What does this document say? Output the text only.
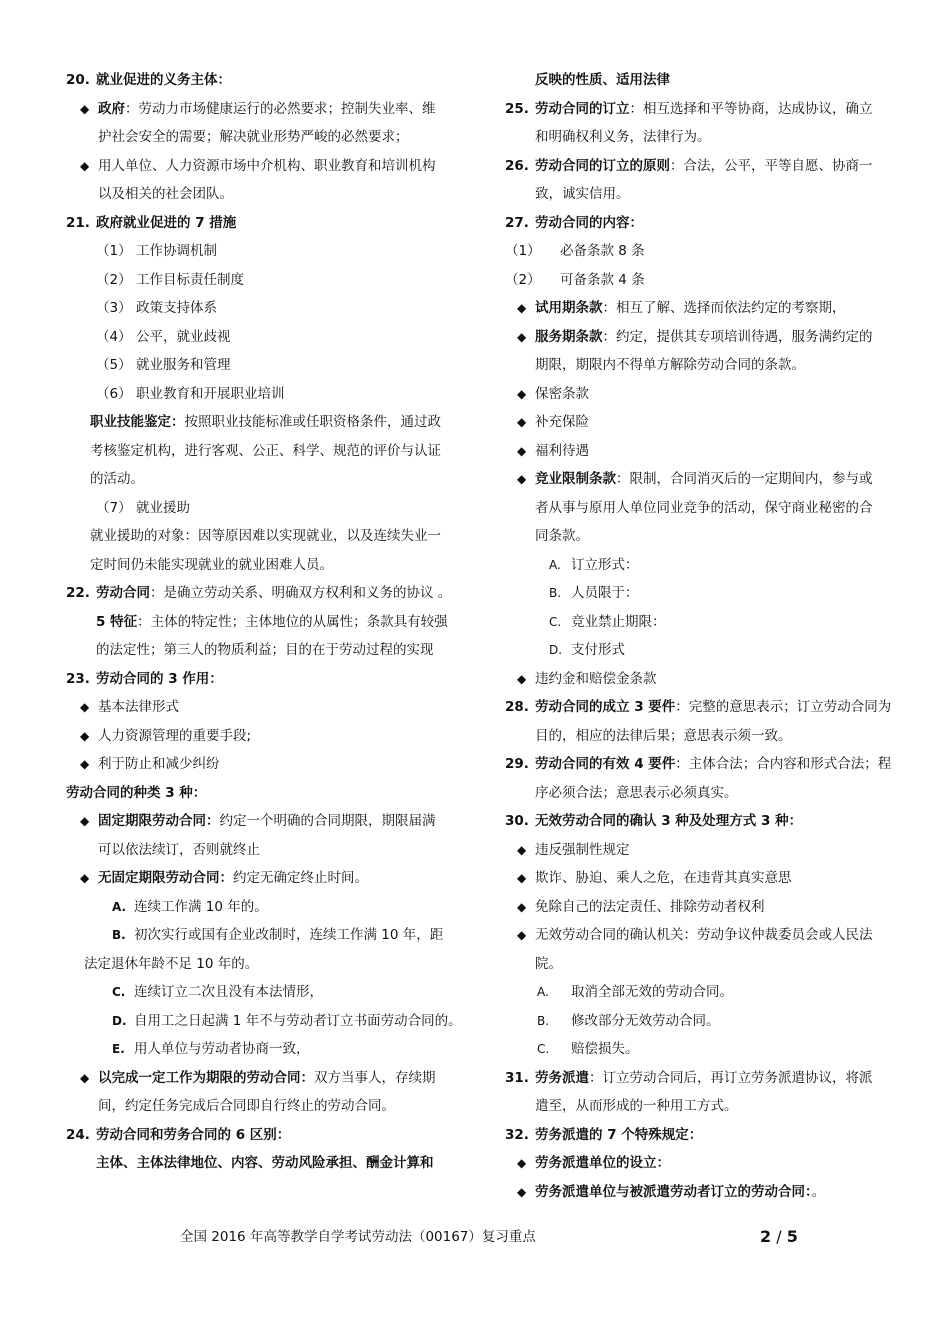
20. 就业促进的义务主体：
◆ 政府：劳动力市场健康运行的必然要求；控制失业率、维
护社会安全的需要；解决就业形势严峻的必然要求；
◆ 用人单位、人力资源市场中介机构、职业教育和培训机构
以及相关的社会团队。
21. 政府就业促进的 7 措施
（1） 工作协调机制
（2） 工作目标责任制度
（3） 政策支持体系
（4） 公平，就业歧视
（5） 就业服务和管理
（6） 职业教育和开展职业培训
职业技能鉴定：按照职业技能标准或任职资格条件，通过政
考核鉴定机构，进行客观、公正、科学、规范的评价与认证
的活动。
（7） 就业援助
就业援助的对象：因等原因难以实现就业，以及连续失业一
定时间仍未能实现就业的就业困难人员。
22. 劳动合同：是确立劳动关系、明确双方权利和义务的协议 。
5 特征：主体的特定性；主体地位的从属性；条款具有较强
的法定性；第三人的物质利益；目的在于劳动过程的实现
23. 劳动合同的 3 作用：
◆ 基本法律形式
◆ 人力资源管理的重要手段;
◆ 利于防止和减少纠纷
劳动合同的种类 3 种：
◆ 固定期限劳动合同：约定一个明确的合同期限，期限届满
可以依法续订，否则就终止
◆ 无固定期限劳动合同：约定无确定终止时间。
A. 连续工作满 10 年的。
B. 初次实行或国有企业改制时，连续工作满 10 年，距
法定退休年龄不足 10 年的。
C. 连续订立二次且没有本法情形，
D. 自用工之日起满 1 年不与劳动者订立书面劳动合同的。
E. 用人单位与劳动者协商一致，
◆ 以完成一定工作为期限的劳动合同：双方当事人，存续期
间，约定任务完成后合同即自行终止的劳动合同。
24. 劳动合同和劳务合同的 6 区别：
主体、主体法律地位、内容、劳动风险承担、酬金计算和
反映的性质、适用法律
25. 劳动合同的订立：相互选择和平等协商，达成协议，确立
和明确权利义务，法律行为。
26. 劳动合同的订立的原则：合法，公平，平等自愿、协商一
致，诚实信用。
27. 劳动合同的内容：
（1） 必备条款 8 条
（2） 可备条款 4 条
◆ 试用期条款：相互了解、选择而依法约定的考察期，
◆ 服务期条款：约定，提供其专项培训待遇，服务满约定的
期限，期限内不得单方解除劳动合同的条款。
◆ 保密条款
◆ 补充保险
◆ 福利待遇
◆ 竞业限制条款：限制，合同消灭后的一定期间内，参与或
者从事与原用人单位同业竞争的活动，保守商业秘密的合
同条款。
A. 订立形式：
B. 人员限于：
C. 竞业禁止期限：
D. 支付形式
◆ 违约金和赔偿金条款
28. 劳动合同的成立 3 要件：完整的意思表示；订立劳动合同为
目的，相应的法律后果；意思表示须一致。
29. 劳动合同的有效 4 要件：主体合法；合内容和形式合法；程
序必须合法；意思表示必须真实。
30. 无效劳动合同的确认 3 种及处理方式 3 种：
◆ 违反强制性规定
◆ 欺诈、胁迫、乘人之危，在违背其真实意思
◆ 免除自己的法定责任、排除劳动者权利
◆ 无效劳动合同的确认机关：劳动争议仲裁委员会或人民法
院。
A. 取消全部无效的劳动合同。
B. 修改部分无效劳动合同。
C. 赔偿损失。
31. 劳务派遣：订立劳动合同后，再订立劳务派遣协议，将派
遣至，从而形成的一种用工方式。
32. 劳务派遣的 7 个特殊规定：
◆ 劳务派遣单位的设立：
◆ 劳务派遣单位与被派遣劳动者订立的劳动合同：。
全国 2016 年高等教学自学考试劳动法（00167）复习重点	2 / 5
